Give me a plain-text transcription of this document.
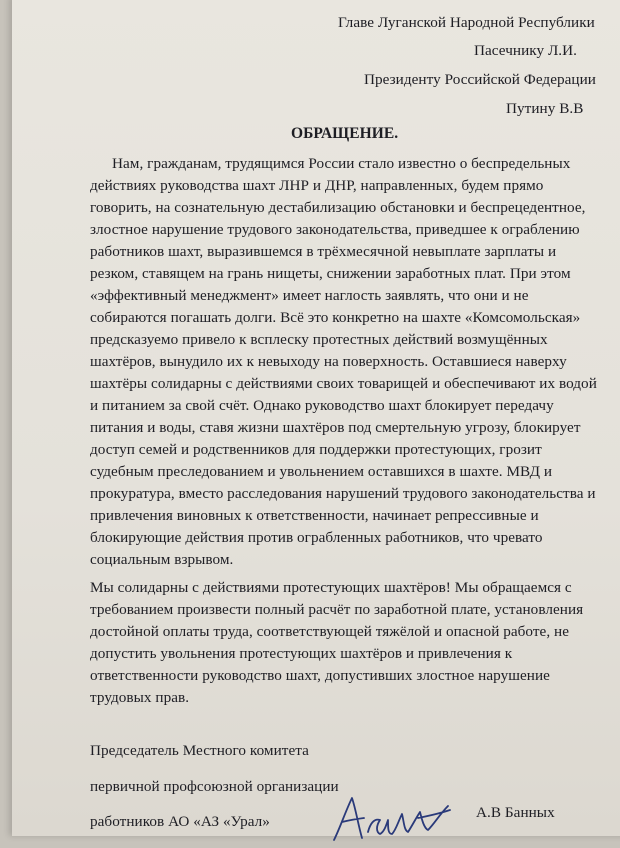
Главе Луганской Народной Республики
Пасечнику Л.И.
Президенту Российской Федерации
Путину В.В
ОБРАЩЕНИЕ.
Нам, гражданам, трудящимся России стало известно о беспредельных
действиях руководства шахт ЛНР и ДНР, направленных, будем прямо
говорить, на сознательную дестабилизацию обстановки и беспрецедентное,
злостное нарушение трудового законодательства, приведшее к ограблению
работников шахт, выразившемся в трёхмесячной невыплате зарплаты и
резком, ставящем на грань нищеты, снижении заработных плат. При этом
«эффективный менеджмент» имеет наглость заявлять, что они и не
собираются погашать долги. Всё это конкретно на шахте «Комсомольская»
предсказуемо привело к всплеску протестных действий возмущённых
шахтёров, вынудило их к невыходу на поверхность. Оставшиеся наверху
шахтёры солидарны с действиями своих товарищей и обеспечивают их водой
и питанием за свой счёт. Однако руководство шахт блокирует передачу
питания и воды, ставя жизни шахтёров под смертельную угрозу, блокирует
доступ семей и родственников для поддержки протестующих, грозит
судебным преследованием и увольнением оставшихся в шахте. МВД и
прокуратура, вместо расследования нарушений трудового законодательства и
привлечения виновных к ответственности, начинает репрессивные и
блокирующие действия против ограбленных работников, что чревато
социальным взрывом.
Мы солидарны с действиями протестующих шахтёров! Мы обращаемся с
требованием произвести полный расчёт по заработной плате, установления
достойной оплаты труда, соответствующей тяжёлой и опасной работе, не
допустить увольнения протестующих шахтёров и привлечения к
ответственности руководство шахт, допустивших злостное нарушение
трудовых прав.
Председатель Местного комитета
первичной профсоюзной организации
работников АО «АЗ «Урал»
А.В Банных
